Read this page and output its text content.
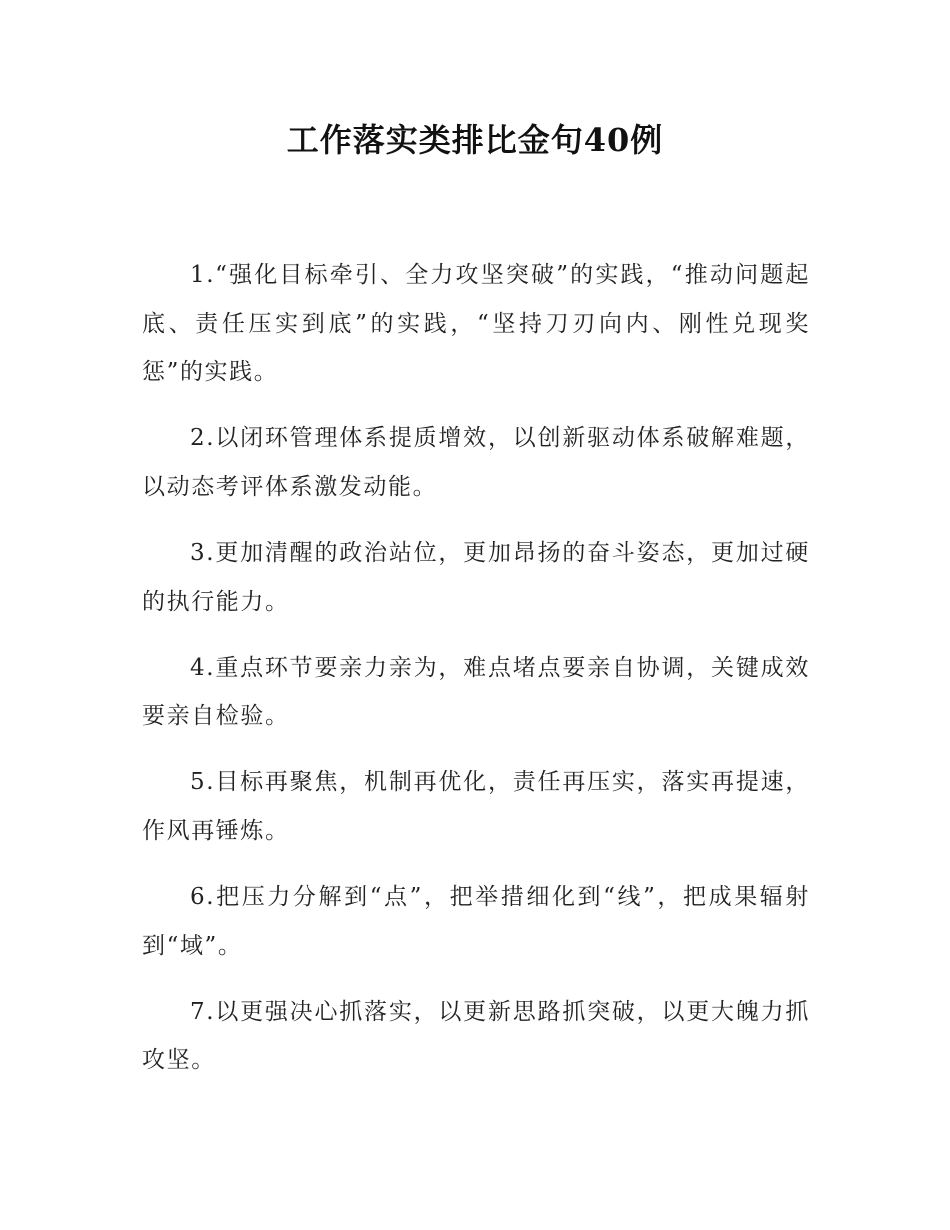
工作落实类排比金句40例

1.“强化目标牵引、全力攻坚突破”的实践，“推动问题起底、责任压实到底”的实践，“坚持刀刃向内、刚性兑现奖惩”的实践。

2.以闭环管理体系提质增效，以创新驱动体系破解难题，以动态考评体系激发动能。

3.更加清醒的政治站位，更加昂扬的奋斗姿态，更加过硬的执行能力。

4.重点环节要亲力亲为，难点堵点要亲自协调，关键成效要亲自检验。

5.目标再聚焦，机制再优化，责任再压实，落实再提速，作风再锤炼。

6.把压力分解到“点”，把举措细化到“线”，把成果辐射到“域”。

7.以更强决心抓落实，以更新思路抓突破，以更大魄力抓攻坚。
